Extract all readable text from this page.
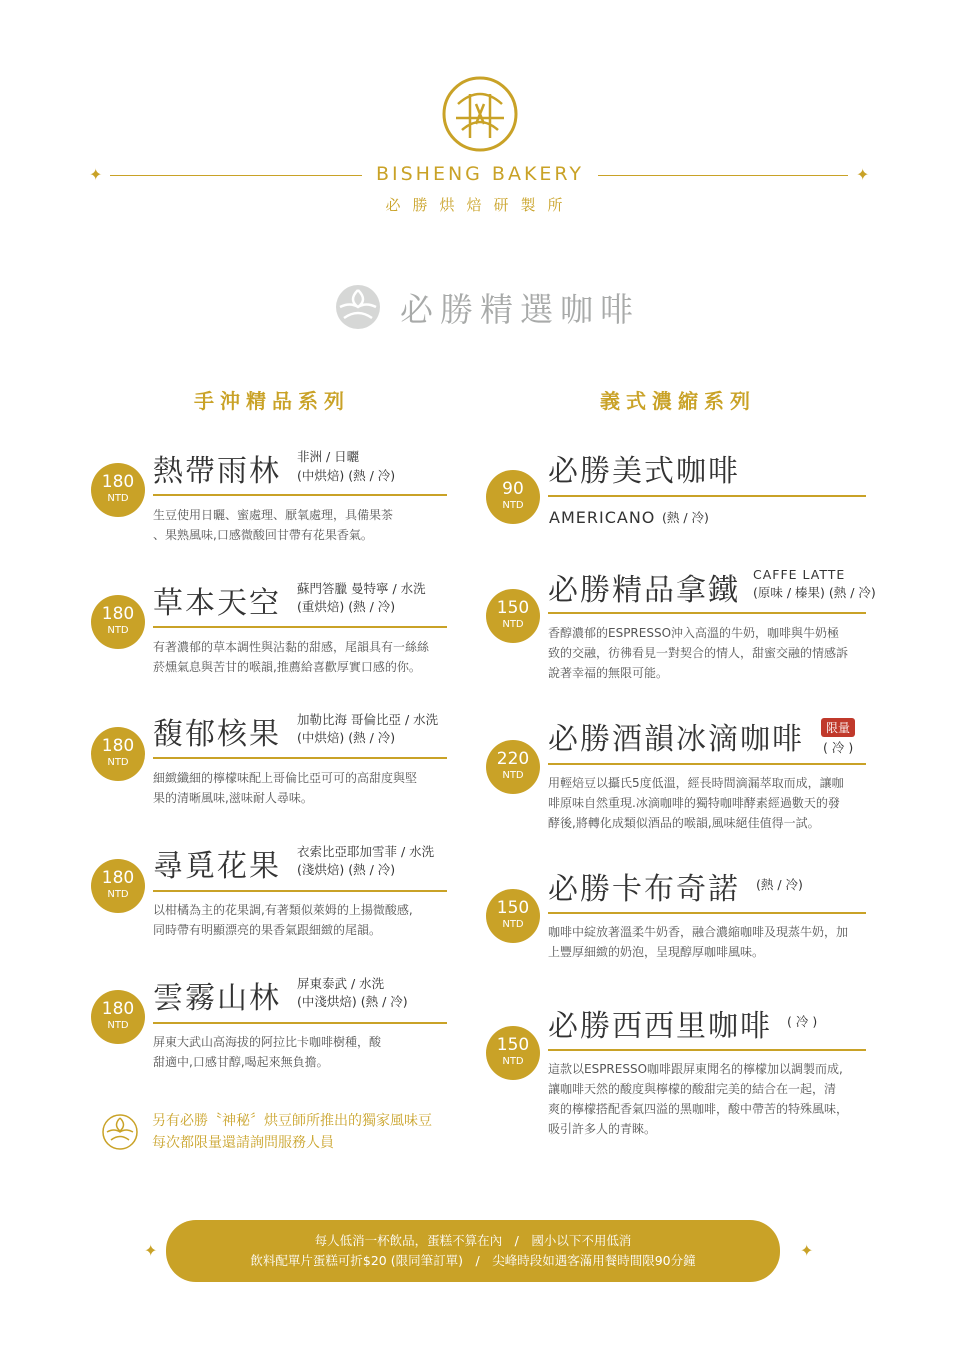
✦	BISHENG BAKERY	✦
必勝烘焙研製所
必勝精選咖啡
手沖精品系列	義式濃縮系列
180
NTD
熱帶雨林 非洲 / 日曬
(中烘焙) (熱 / 冷)
生豆使用日曬、蜜處理、厭氧處理，具備果茶
、果熟風味,口感微酸回甘帶有花果香氣。
180
NTD
草本天空 蘇門答臘 曼特寧 / 水洗
(重烘焙) (熱 / 冷)
有著濃郁的草本調性與沾黏的甜感，尾韻具有一絲絲
菸燻氣息與苦甘的喉韻,推薦給喜歡厚實口感的你。
180
NTD
馥郁核果 加勒比海 哥倫比亞 / 水洗
(中烘焙) (熱 / 冷)
細緻纖細的檸檬味配上哥倫比亞可可的高甜度與堅
果的清晰風味,滋味耐人尋味。
180
NTD
尋覓花果 衣索比亞耶加雪菲 / 水洗
(淺烘焙) (熱 / 冷)
以柑橘為主的花果調,有著類似萊姆的上揚微酸感,
同時帶有明顯漂亮的果香氣跟細緻的尾韻。
180
NTD
雲霧山林 屏東泰武 / 水洗
(中淺烘焙) (熱 / 冷)
屏東大武山高海拔的阿拉比卡咖啡樹種，酸
甜適中,口感甘醇,喝起來無負擔。
90
NTD
必勝美式咖啡
AMERICANO (熱 / 冷)
150
NTD
必勝精品拿鐵 CAFFE LATTE
(原味 / 榛果) (熱 / 冷)
香醇濃郁的ESPRESSO沖入高溫的牛奶，咖啡與牛奶極
致的交融，彷彿看見一對契合的情人，甜蜜交融的情感訴
說著幸福的無限可能。
220
NTD
必勝酒韻冰滴咖啡	限量
( 冷 )
用輕焙豆以攝氏5度低溫，經長時間滴漏萃取而成，讓咖
啡原味自然重現.冰滴咖啡的獨特咖啡酵素經過數天的發
酵後,將轉化成類似酒品的喉韻,風味絕佳值得一試。
150
NTD
必勝卡布奇諾 (熱 / 冷)
咖啡中綻放著溫柔牛奶香，融合濃縮咖啡及現蒸牛奶，加
上豐厚細緻的奶泡，呈現醇厚咖啡風味。
150
NTD
必勝西西里咖啡 ( 冷 )
這款以ESPRESSO咖啡跟屏東聞名的檸檬加以調製而成,
讓咖啡天然的酸度與檸檬的酸甜完美的結合在一起，清
爽的檸檬搭配香氣四溢的黑咖啡，酸中帶苦的特殊風味，
吸引許多人的青睞。
另有必勝〝神秘〞烘豆師所推出的獨家風味豆
每次都限量還請詢問服務人員
✦
每人低消一杯飲品，蛋糕不算在內　/　國小以下不用低消
飲料配單片蛋糕可折$20 (限同筆訂單)　/　尖峰時段如遇客滿用餐時間限90分鐘
✦
